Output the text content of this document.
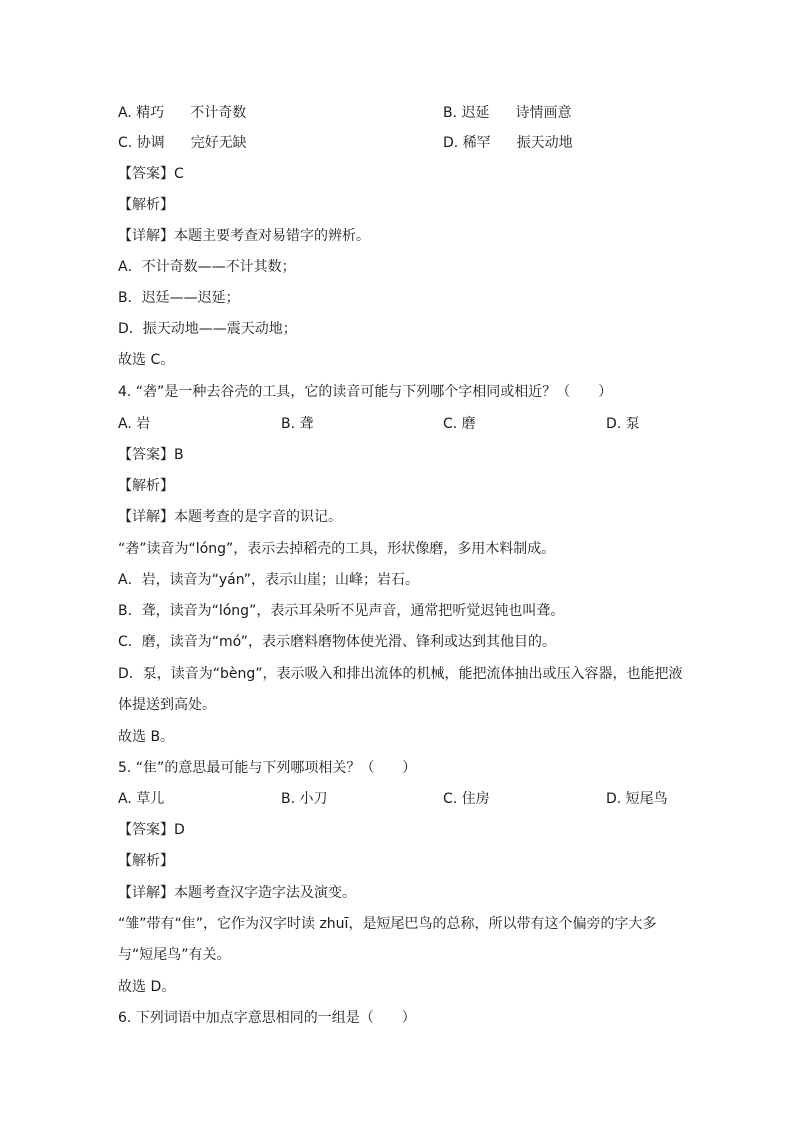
A. 精巧 不计奇数	B. 迟延 诗情画意
C. 协调 完好无缺	D. 稀罕 振天动地
【答案】C
【解析】
【详解】本题主要考查对易错字的辨析。
A．不计奇数——不计其数；
B．迟廷——迟延；
D．振天动地——震天动地；
故选 C。
4. “砻”是一种去谷壳的工具，它的读音可能与下列哪个字相同或相近？（　　）
A. 岩	B. 聋	C. 磨	D. 泵
【答案】B
【解析】
【详解】本题考查的是字音的识记。
“砻”读音为“lóng”，表示去掉稻壳的工具，形状像磨，多用木料制成。
A．岩，读音为“yán”，表示山崖；山峰；岩石。
B．聋，读音为“lóng”，表示耳朵听不见声音，通常把听觉迟钝也叫聋。
C．磨，读音为“mó”，表示磨料磨物体使光滑、锋利或达到其他目的。
D．泵，读音为“bèng”，表示吸入和排出流体的机械，能把流体抽出或压入容器，也能把液
体提送到高处。
故选 B。
5. “隹”的意思最可能与下列哪项相关？（　　）
A. 草儿	B. 小刀	C. 住房	D. 短尾鸟
【答案】D
【解析】
【详解】本题考查汉字造字法及演变。
“雏”带有“隹”，它作为汉字时读 zhuī，是短尾巴鸟的总称，所以带有这个偏旁的字大多
与“短尾鸟”有关。
故选 D。
6. 下列词语中加点字意思相同的一组是（　　）
